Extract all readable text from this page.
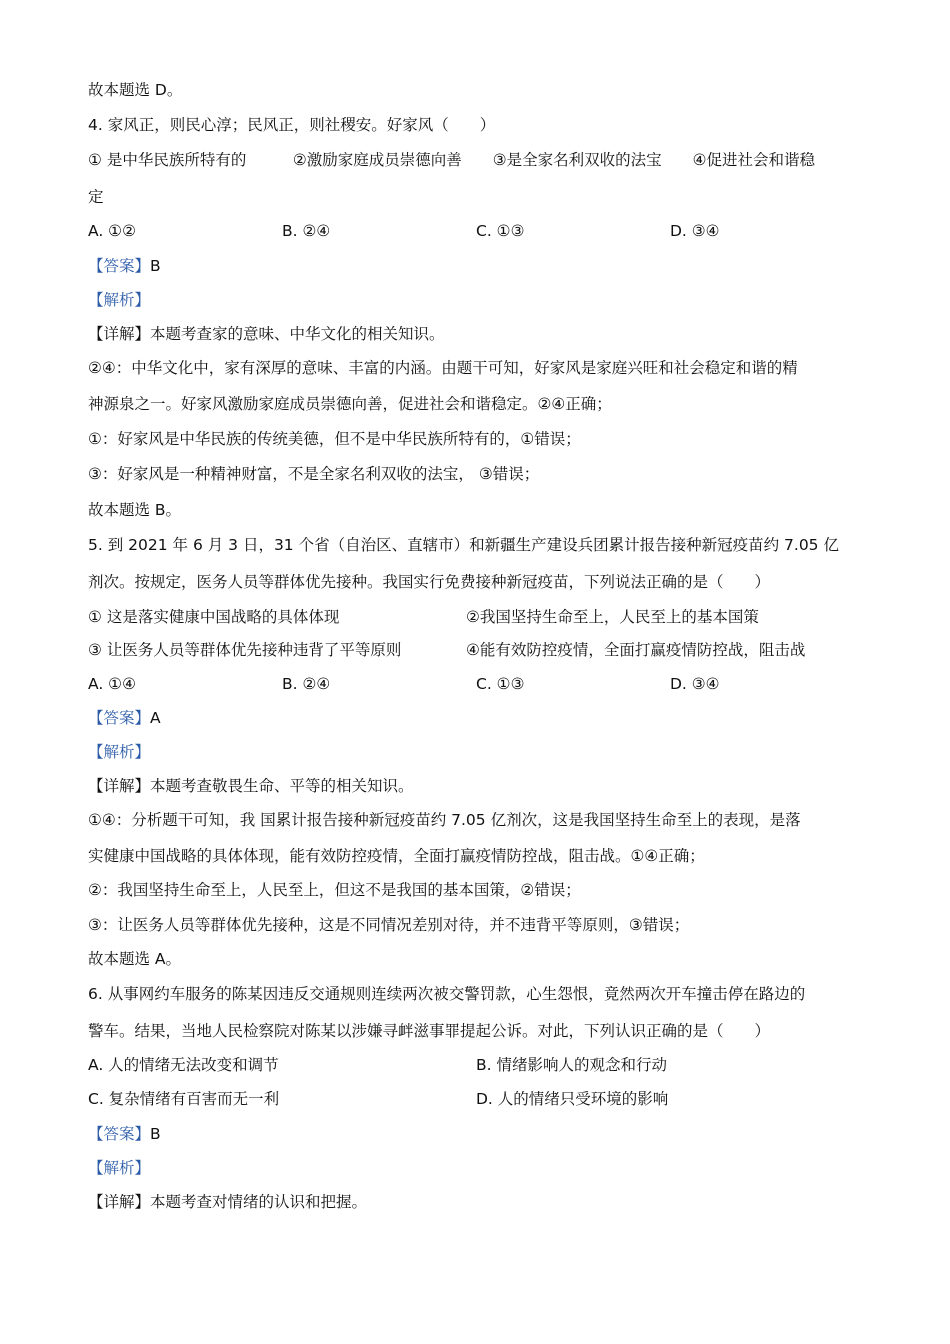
故本题选 D。
4. 家风正，则民心淳；民风正，则社稷安。好家风（　　）
① 是中华民族所特有的　　　②激励家庭成员崇德向善　　③是全家名利双收的法宝　　④促进社会和谐稳
定
A. ①②	B. ②④	C. ①③	D. ③④
【答案】B
【解析】
【详解】本题考查家的意味、中华文化的相关知识。
②④：中华文化中，家有深厚的意味、丰富的内涵。由题干可知，好家风是家庭兴旺和社会稳定和谐的精
神源泉之一。好家风激励家庭成员崇德向善，促进社会和谐稳定。②④正确；
①：好家风是中华民族的传统美德，但不是中华民族所特有的，①错误；
③：好家风是一种精神财富，不是全家名利双收的法宝， ③错误；
故本题选 B。
5. 到 2021 年 6 月 3 日，31 个省（自治区、直辖市）和新疆生产建设兵团累计报告接种新冠疫苗约 7.05 亿
剂次。按规定，医务人员等群体优先接种。我国实行免费接种新冠疫苗，下列说法正确的是（　　）
① 这是落实健康中国战略的具体体现	②我国坚持生命至上，人民至上的基本国策
③ 让医务人员等群体优先接种违背了平等原则	④能有效防控疫情，全面打赢疫情防控战，阻击战
A. ①④	B. ②④	C. ①③	D. ③④
【答案】A
【解析】
【详解】本题考查敬畏生命、平等的相关知识。
①④：分析题干可知，我 国累计报告接种新冠疫苗约 7.05 亿剂次，这是我国坚持生命至上的表现，是落
实健康中国战略的具体体现，能有效防控疫情，全面打赢疫情防控战，阻击战。①④正确；
②：我国坚持生命至上，人民至上，但这不是我国的基本国策，②错误；
③：让医务人员等群体优先接种，这是不同情况差别对待，并不违背平等原则，③错误；
故本题选 A。
6. 从事网约车服务的陈某因违反交通规则连续两次被交警罚款，心生怨恨，竟然两次开车撞击停在路边的
警车。结果，当地人民检察院对陈某以涉嫌寻衅滋事罪提起公诉。对此，下列认识正确的是（　　）
A. 人的情绪无法改变和调节	B. 情绪影响人的观念和行动
C. 复杂情绪有百害而无一利	D. 人的情绪只受环境的影响
【答案】B
【解析】
【详解】本题考查对情绪的认识和把握。
